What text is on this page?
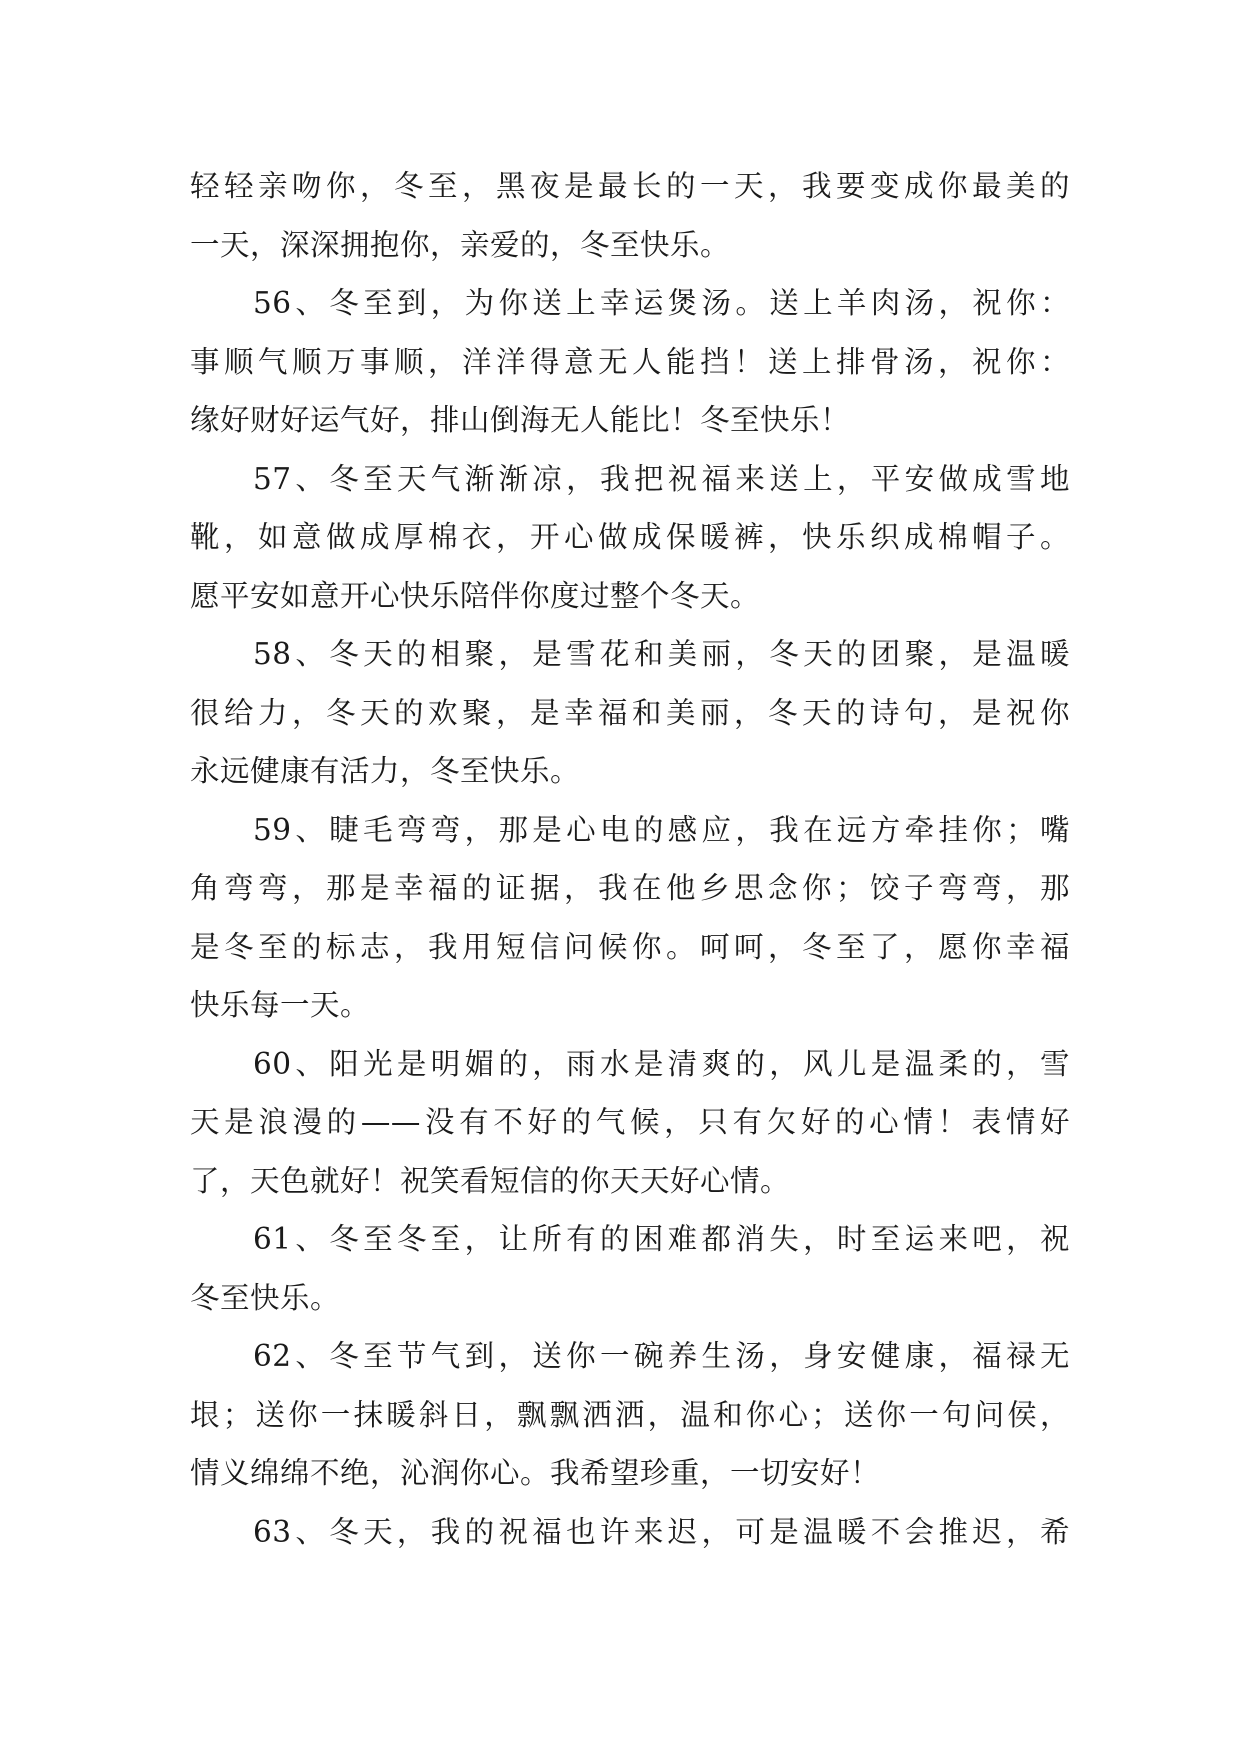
轻轻亲吻你，冬至，黑夜是最长的一天，我要变成你最美的
一天，深深拥抱你，亲爱的，冬至快乐。
56、冬至到，为你送上幸运煲汤。送上羊肉汤，祝你：
事顺气顺万事顺，洋洋得意无人能挡！送上排骨汤，祝你：
缘好财好运气好，排山倒海无人能比！冬至快乐！
57、冬至天气渐渐凉，我把祝福来送上，平安做成雪地
靴，如意做成厚棉衣，开心做成保暖裤，快乐织成棉帽子。
愿平安如意开心快乐陪伴你度过整个冬天。
58、冬天的相聚，是雪花和美丽，冬天的团聚，是温暖
很给力，冬天的欢聚，是幸福和美丽，冬天的诗句，是祝你
永远健康有活力，冬至快乐。
59、睫毛弯弯，那是心电的感应，我在远方牵挂你；嘴
角弯弯，那是幸福的证据，我在他乡思念你；饺子弯弯，那
是冬至的标志，我用短信问候你。呵呵，冬至了，愿你幸福
快乐每一天。
60、阳光是明媚的，雨水是清爽的，风儿是温柔的，雪
天是浪漫的——没有不好的气候，只有欠好的心情！表情好
了，天色就好！祝笑看短信的你天天好心情。
61、冬至冬至，让所有的困难都消失，时至运来吧，祝
冬至快乐。
62、冬至节气到，送你一碗养生汤，身安健康，福禄无
垠；送你一抹暖斜日，飘飘洒洒，温和你心；送你一句问侯，
情义绵绵不绝，沁润你心。我希望珍重，一切安好！
63、冬天，我的祝福也许来迟，可是温暖不会推迟，希
